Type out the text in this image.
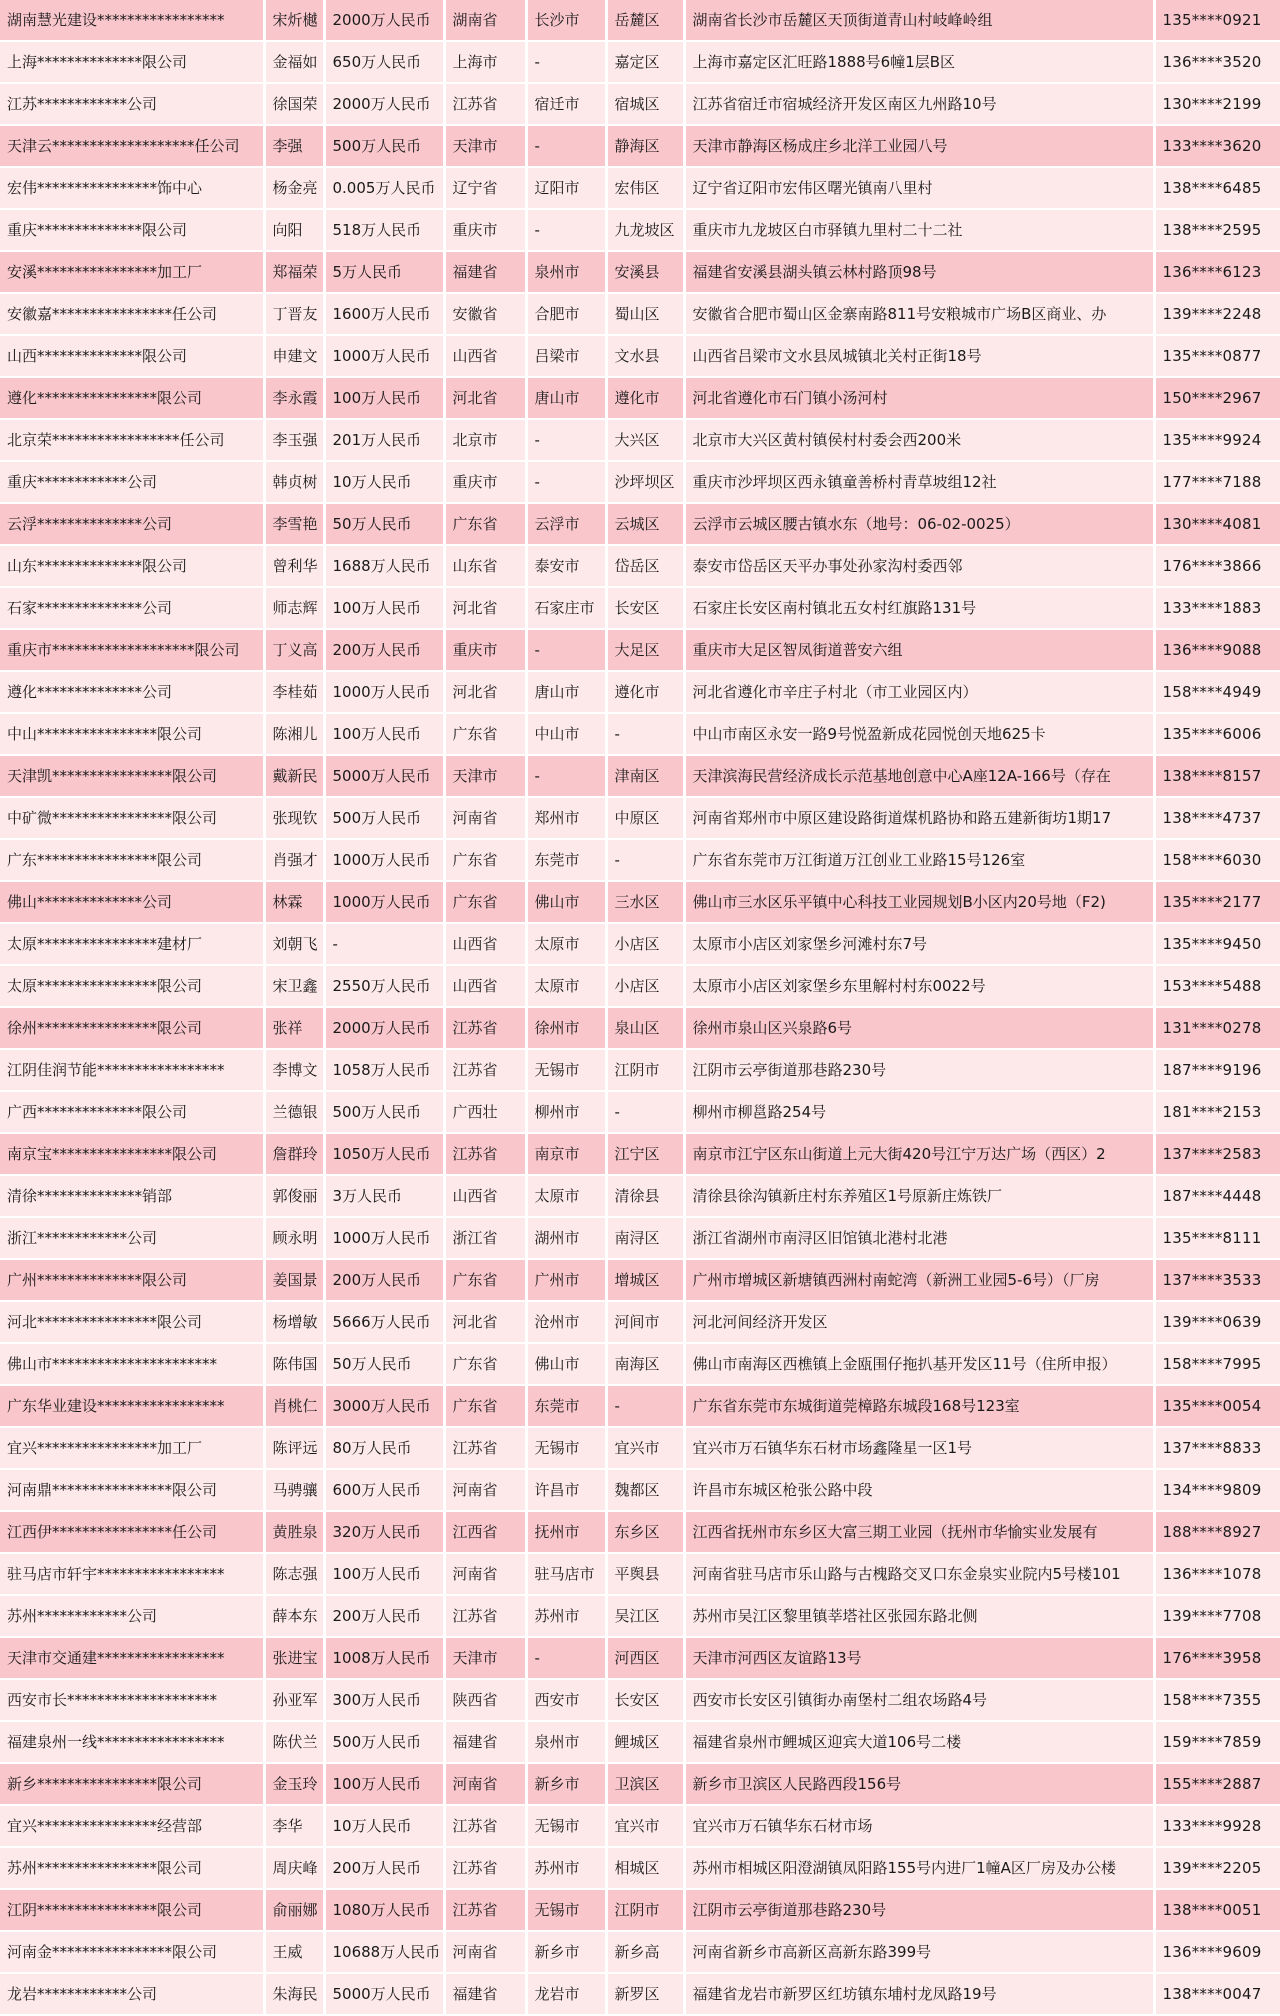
湖南慧光建设*****************	宋炘樾	2000万人民币	湖南省	长沙市	岳麓区	湖南省长沙市岳麓区天顶街道青山村岐峰岭组	135****0921
上海**************限公司	金福如	650万人民币	上海市	-	嘉定区	上海市嘉定区汇旺路1888号6幢1层B区	136****3520
江苏************公司	徐国荣	2000万人民币	江苏省	宿迁市	宿城区	江苏省宿迁市宿城经济开发区南区九州路10号	130****2199
天津云*******************任公司	李强	500万人民币	天津市	-	静海区	天津市静海区杨成庄乡北洋工业园八号	133****3620
宏伟****************饰中心	杨金亮	0.005万人民币	辽宁省	辽阳市	宏伟区	辽宁省辽阳市宏伟区曙光镇南八里村	138****6485
重庆**************限公司	向阳	518万人民币	重庆市	-	九龙坡区	重庆市九龙坡区白市驿镇九里村二十二社	138****2595
安溪****************加工厂	郑福荣	5万人民币	福建省	泉州市	安溪县	福建省安溪县湖头镇云林村路顶98号	136****6123
安徽嘉****************任公司	丁晋友	1600万人民币	安徽省	合肥市	蜀山区	安徽省合肥市蜀山区金寨南路811号安粮城市广场B区商业、办	139****2248
山西**************限公司	申建文	1000万人民币	山西省	吕梁市	文水县	山西省吕梁市文水县凤城镇北关村正街18号	135****0877
遵化****************限公司	李永霞	100万人民币	河北省	唐山市	遵化市	河北省遵化市石门镇小汤河村	150****2967
北京荣*****************任公司	李玉强	201万人民币	北京市	-	大兴区	北京市大兴区黄村镇侯村村委会西200米	135****9924
重庆************公司	韩贞树	10万人民币	重庆市	-	沙坪坝区	重庆市沙坪坝区西永镇童善桥村青草坡组12社	177****7188
云浮**************公司	李雪艳	50万人民币	广东省	云浮市	云城区	云浮市云城区腰古镇水东（地号：06-02-0025）	130****4081
山东**************限公司	曾利华	1688万人民币	山东省	泰安市	岱岳区	泰安市岱岳区天平办事处孙家沟村委西邻	176****3866
石家**************公司	师志辉	100万人民币	河北省	石家庄市	长安区	石家庄长安区南村镇北五女村红旗路131号	133****1883
重庆市*******************限公司	丁义高	200万人民币	重庆市	-	大足区	重庆市大足区智凤街道普安六组	136****9088
遵化**************公司	李桂茹	1000万人民币	河北省	唐山市	遵化市	河北省遵化市辛庄子村北（市工业园区内）	158****4949
中山****************限公司	陈湘儿	100万人民币	广东省	中山市	-	中山市南区永安一路9号悦盈新成花园悦创天地625卡	135****6006
天津凯****************限公司	戴新民	5000万人民币	天津市	-	津南区	天津滨海民营经济成长示范基地创意中心A座12A-166号（存在	138****8157
中矿微****************限公司	张现钦	500万人民币	河南省	郑州市	中原区	河南省郑州市中原区建设路街道煤机路协和路五建新街坊1期17	138****4737
广东****************限公司	肖强才	1000万人民币	广东省	东莞市	-	广东省东莞市万江街道万江创业工业路15号126室	158****6030
佛山**************公司	林霖	1000万人民币	广东省	佛山市	三水区	佛山市三水区乐平镇中心科技工业园规划B小区内20号地（F2)	135****2177
太原****************建材厂	刘朝飞	-	山西省	太原市	小店区	太原市小店区刘家堡乡河滩村东7号	135****9450
太原****************限公司	宋卫鑫	2550万人民币	山西省	太原市	小店区	太原市小店区刘家堡乡东里解村村东0022号	153****5488
徐州****************限公司	张祥	2000万人民币	江苏省	徐州市	泉山区	徐州市泉山区兴泉路6号	131****0278
江阴佳润节能*****************	李博文	1058万人民币	江苏省	无锡市	江阴市	江阴市云亭街道那巷路230号	187****9196
广西**************限公司	兰德银	500万人民币	广西壮	柳州市	-	柳州市柳邕路254号	181****2153
南京宝****************限公司	詹群玲	1050万人民币	江苏省	南京市	江宁区	南京市江宁区东山街道上元大街420号江宁万达广场（西区）2	137****2583
清徐**************销部	郭俊丽	3万人民币	山西省	太原市	清徐县	清徐县徐沟镇新庄村东养殖区1号原新庄炼铁厂	187****4448
浙江************公司	顾永明	1000万人民币	浙江省	湖州市	南浔区	浙江省湖州市南浔区旧馆镇北港村北港	135****8111
广州**************限公司	姜国景	200万人民币	广东省	广州市	增城区	广州市增城区新塘镇西洲村南蛇湾（新洲工业园5-6号）（厂房	137****3533
河北****************限公司	杨增敏	5666万人民币	河北省	沧州市	河间市	河北河间经济开发区	139****0639
佛山市**********************	陈伟国	50万人民币	广东省	佛山市	南海区	佛山市南海区西樵镇上金瓯围仔拖扒基开发区11号（住所申报）	158****7995
广东华业建设*****************	肖桃仁	3000万人民币	广东省	东莞市	-	广东省东莞市东城街道莞樟路东城段168号123室	135****0054
宜兴****************加工厂	陈评远	80万人民币	江苏省	无锡市	宜兴市	宜兴市万石镇华东石材市场鑫隆星一区1号	137****8833
河南鼎****************限公司	马骋骧	600万人民币	河南省	许昌市	魏都区	许昌市东城区枪张公路中段	134****9809
江西伊****************任公司	黄胜泉	320万人民币	江西省	抚州市	东乡区	江西省抚州市东乡区大富三期工业园（抚州市华愉实业发展有	188****8927
驻马店市轩宇*****************	陈志强	100万人民币	河南省	驻马店市	平舆县	河南省驻马店市乐山路与古槐路交叉口东金泉实业院内5号楼101	136****1078
苏州************公司	薛本东	200万人民币	江苏省	苏州市	吴江区	苏州市吴江区黎里镇莘塔社区张园东路北侧	139****7708
天津市交通建*****************	张进宝	1008万人民币	天津市	-	河西区	天津市河西区友谊路13号	176****3958
西安市长********************	孙亚军	300万人民币	陕西省	西安市	长安区	西安市长安区引镇街办南堡村二组农场路4号	158****7355
福建泉州一线*****************	陈伏兰	500万人民币	福建省	泉州市	鲤城区	福建省泉州市鲤城区迎宾大道106号二楼	159****7859
新乡****************限公司	金玉玲	100万人民币	河南省	新乡市	卫滨区	新乡市卫滨区人民路西段156号	155****2887
宜兴****************经营部	李华	10万人民币	江苏省	无锡市	宜兴市	宜兴市万石镇华东石材市场	133****9928
苏州****************限公司	周庆峰	200万人民币	江苏省	苏州市	相城区	苏州市相城区阳澄湖镇凤阳路155号内进厂1幢A区厂房及办公楼	139****2205
江阴****************限公司	俞丽娜	1080万人民币	江苏省	无锡市	江阴市	江阴市云亭街道那巷路230号	138****0051
河南金****************限公司	王威	10688万人民币	河南省	新乡市	新乡高	河南省新乡市高新区高新东路399号	136****9609
龙岩************公司	朱海民	5000万人民币	福建省	龙岩市	新罗区	福建省龙岩市新罗区红坊镇东埔村龙凤路19号	138****0047
